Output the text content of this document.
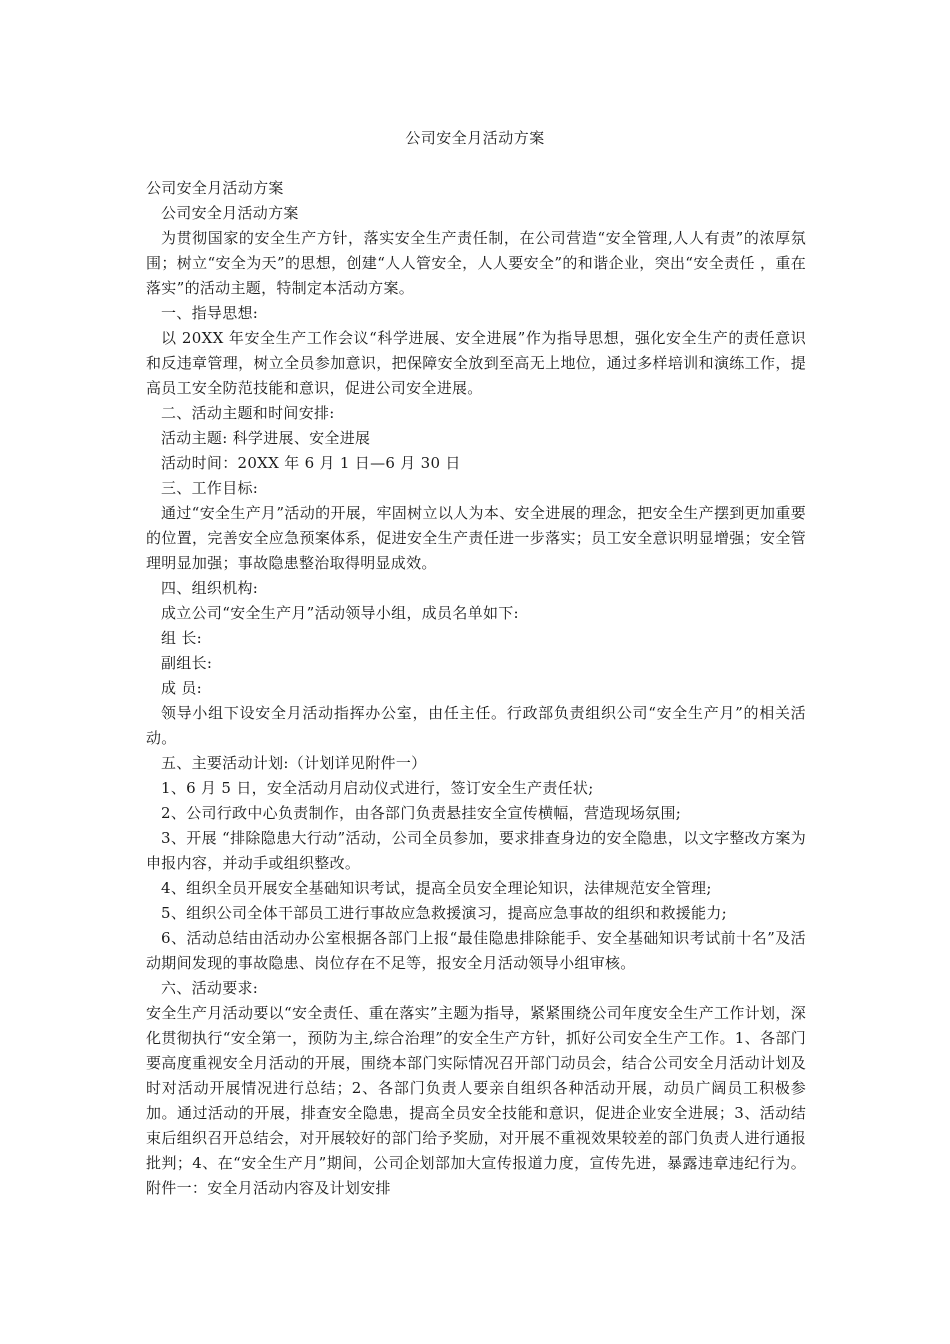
公司安全月活动方案

公司安全月活动方案

公司安全月活动方案

为贯彻国家的安全生产方针，落实安全生产责任制，在公司营造“安全管理,人人有责”的浓厚氛围；树立“安全为天”的思想，创建“人人管安全，人人要安全”的和谐企业，突出“安全责任 ，重在落实”的活动主题，特制定本活动方案。

一、指导思想:

以 20XX 年安全生产工作会议“科学进展、安全进展”作为指导思想，强化安全生产的责任意识和反违章管理，树立全员参加意识，把保障安全放到至高无上地位，通过多样培训和演练工作，提高员工安全防范技能和意识，促进公司安全进展。

二、活动主题和时间安排:

活动主题: 科学进展、安全进展

活动时间：20XX 年 6 月 1 日—6 月 30 日

三、工作目标:

通过“安全生产月”活动的开展，牢固树立以人为本、安全进展的理念，把安全生产摆到更加重要的位置，完善安全应急预案体系，促进安全生产责任进一步落实；员工安全意识明显增强；安全管理明显加强；事故隐患整治取得明显成效。

四、组织机构:

成立公司“安全生产月”活动领导小组，成员名单如下:

组 长:

副组长:

成 员:

领导小组下设安全月活动指挥办公室，由任主任。行政部负责组织公司“安全生产月”的相关活动。

五、主要活动计划:（计划详见附件一）

1、6 月 5 日，安全活动月启动仪式进行，签订安全生产责任状;

2、公司行政中心负责制作，由各部门负责悬挂安全宣传横幅，营造现场氛围;

3、开展 “排除隐患大行动”活动，公司全员参加，要求排查身边的安全隐患，以文字整改方案为申报内容，并动手或组织整改。

4、组织全员开展安全基础知识考试，提高全员安全理论知识，法律规范安全管理;

5、组织公司全体干部员工进行事故应急救援演习，提高应急事故的组织和救援能力;

6、活动总结由活动办公室根据各部门上报“最佳隐患排除能手、安全基础知识考试前十名”及活动期间发现的事故隐患、岗位存在不足等，报安全月活动领导小组审核。

六、活动要求:

安全生产月活动要以“安全责任、重在落实”主题为指导，紧紧围绕公司年度安全生产工作计划，深化贯彻执行“安全第一，预防为主,综合治理”的安全生产方针，抓好公司安全生产工作。1、各部门要高度重视安全月活动的开展，围绕本部门实际情况召开部门动员会，结合公司安全月活动计划及时对活动开展情况进行总结；2、各部门负责人要亲自组织各种活动开展，动员广阔员工积极参加。通过活动的开展，排查安全隐患，提高全员安全技能和意识，促进企业安全进展；3、活动结束后组织召开总结会，对开展较好的部门给予奖励，对开展不重视效果较差的部门负责人进行通报批判；4、在“安全生产月”期间，公司企划部加大宣传报道力度，宣传先进，暴露违章违纪行为。附件一：安全月活动内容及计划安排
